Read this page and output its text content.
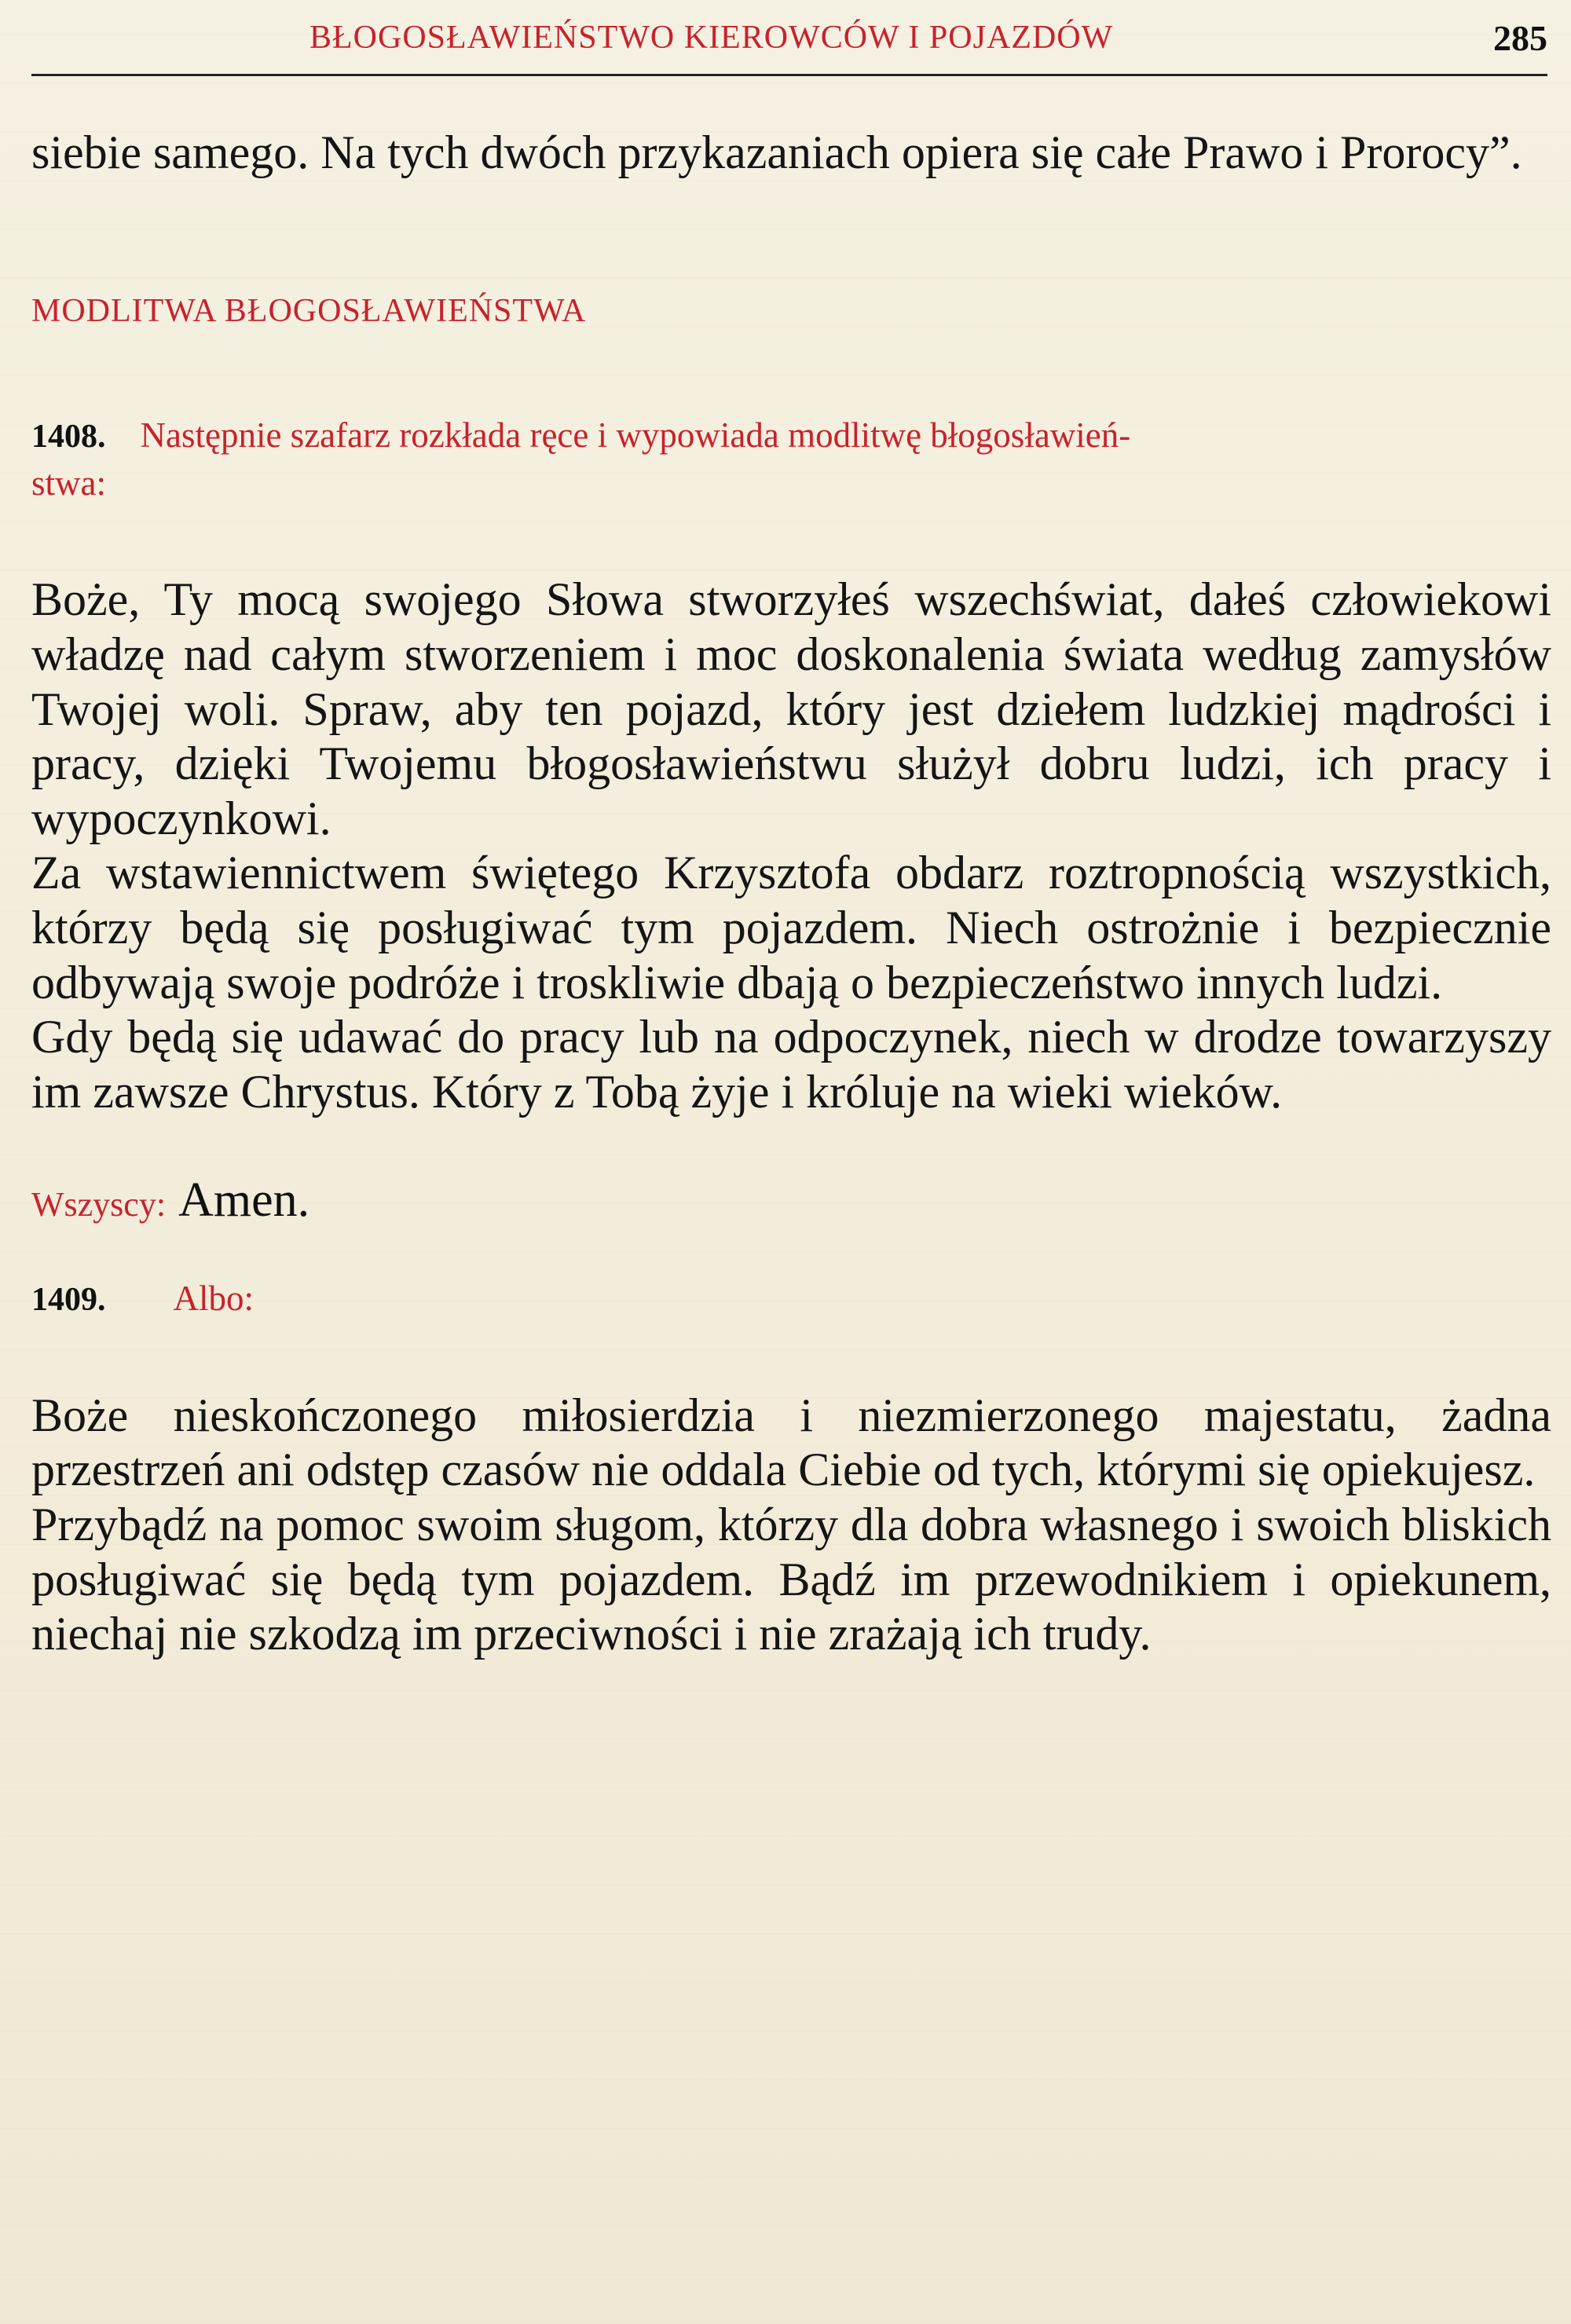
BŁOGOSŁAWIEŃSTWO KIEROWCÓW I POJAZDÓW	285

siebie samego. Na tych dwóch przykazaniach opiera się całe Prawo i Prorocy”.

MODLITWA BŁOGOSŁAWIEŃSTWA
1408. Następnie szafarz rozkłada ręce i wypowiada modlitwę błogosławień-
stwa:
Boże, Ty mocą swojego Słowa stworzyłeś wszechświat, dałeś człowiekowi władzę nad całym stworzeniem i moc doskonalenia świata według zamysłów Twojej woli. Spraw, aby ten pojazd, który jest dziełem ludzkiej mądrości i pracy, dzięki Twojemu błogosławieństwu służył dobru ludzi, ich pracy i wypoczynkowi.
Za wstawiennictwem świętego Krzysztofa obdarz roztropnością wszystkich, którzy będą się posługiwać tym pojazdem. Niech ostrożnie i bezpiecznie odbywają swoje podróże i troskliwie dbają o bezpieczeństwo innych ludzi.
Gdy będą się udawać do pracy lub na odpoczynek, niech w drodze towarzyszy im zawsze Chrystus. Który z Tobą żyje i króluje na wieki wieków.
Wszyscy: Amen.
1409. Albo:
Boże nieskończonego miłosierdzia i niezmierzonego majestatu, żadna przestrzeń ani odstęp czasów nie oddala Ciebie od tych, którymi się opiekujesz.
Przybądź na pomoc swoim sługom, którzy dla dobra własnego i swoich bliskich posługiwać się będą tym pojazdem. Bądź im przewodnikiem i opiekunem, niechaj nie szkodzą im przeciwności i nie zrażają ich trudy.
